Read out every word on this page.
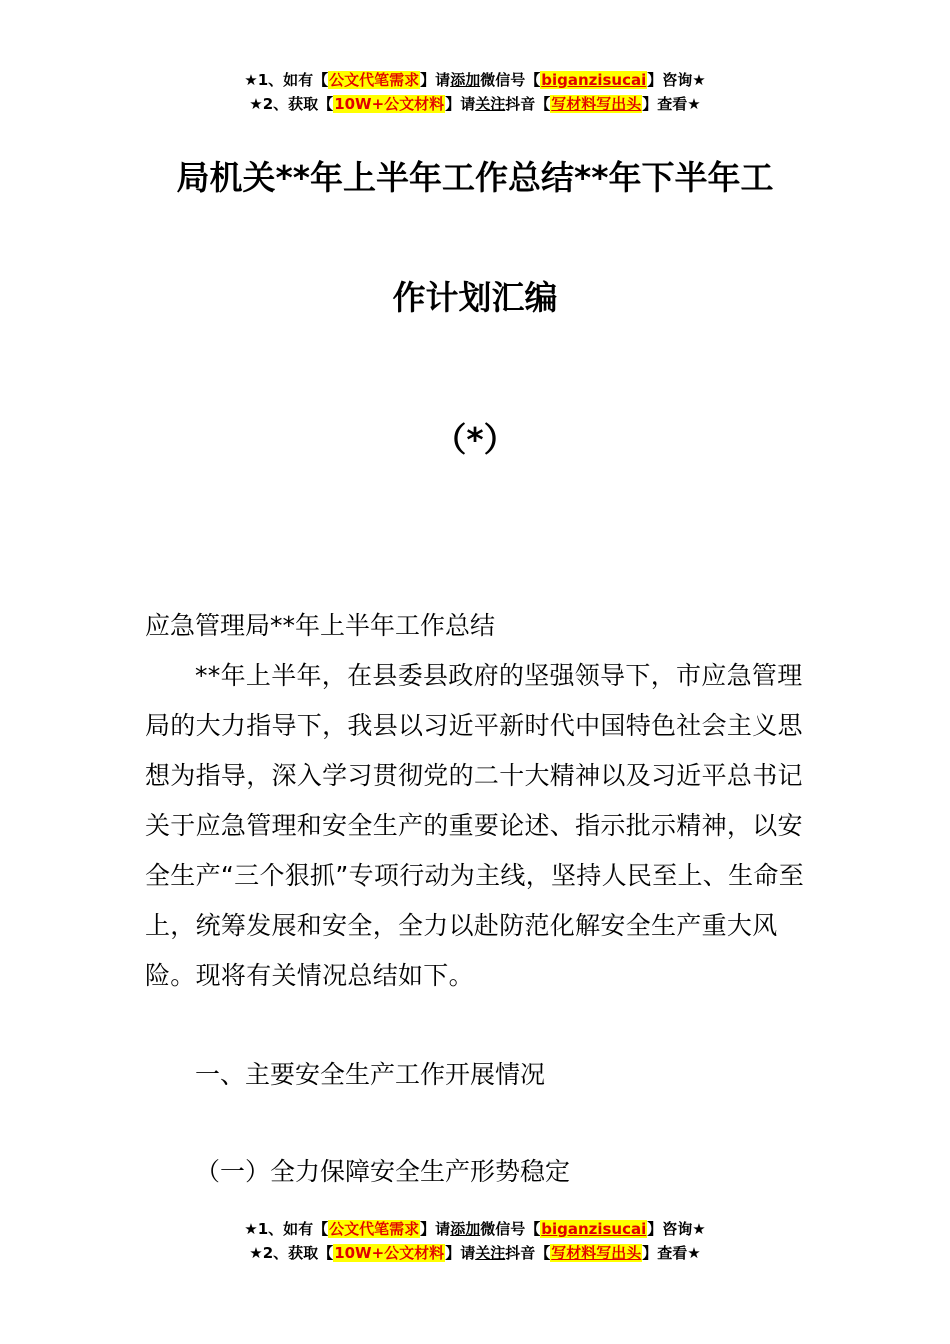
★1、如有【公文代笔需求】请添加微信号【biganzisucai】咨询★
★2、获取【10W+公文材料】请关注抖音【写材料写出头】查看★
局机关**年上半年工作总结**年下半年工
作计划汇编
（*）

应急管理局**年上半年工作总结

**年上半年，在县委县政府的坚强领导下，市应急管理局的大力指导下，我县以习近平新时代中国特色社会主义思想为指导，深入学习贯彻党的二十大精神以及习近平总书记关于应急管理和安全生产的重要论述、指示批示精神，以安全生产“三个狠抓”专项行动为主线，坚持人民至上、生命至上，统筹发展和安全，全力以赴防范化解安全生产重大风险。现将有关情况总结如下。

一、主要安全生产工作开展情况

（一）全力保障安全生产形势稳定

★1、如有【公文代笔需求】请添加微信号【biganzisucai】咨询★
★2、获取【10W+公文材料】请关注抖音【写材料写出头】查看★
